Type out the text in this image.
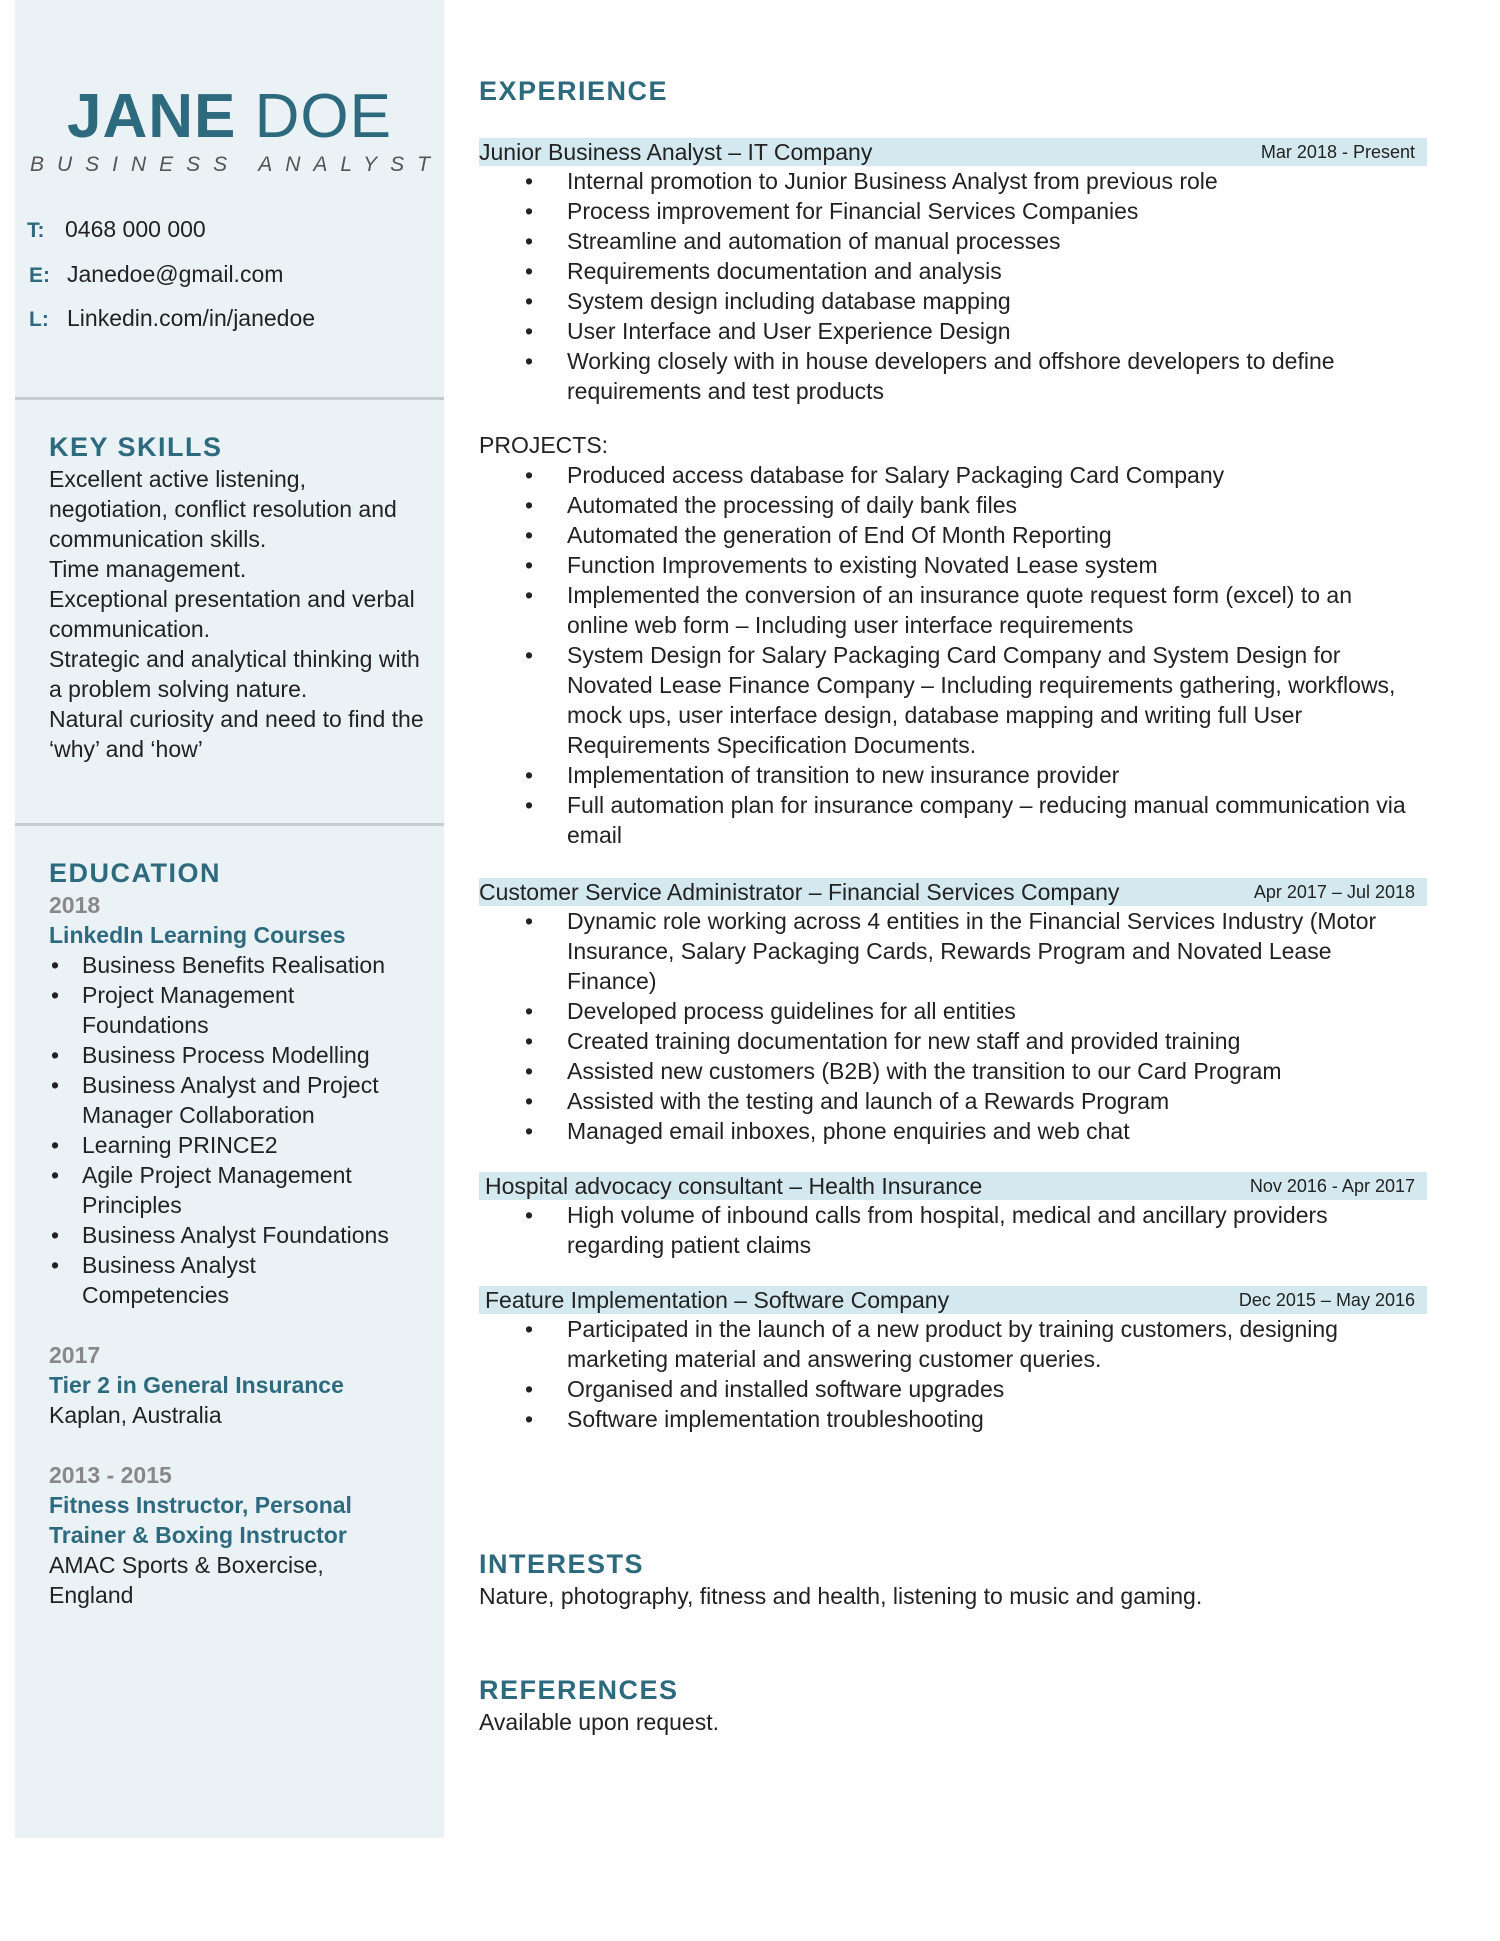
JANE DOE
BUSINESS ANALYST
T: 0468 000 000
E: Janedoe@gmail.com
L: Linkedin.com/in/janedoe
KEY SKILLS
Excellent active listening, negotiation, conflict resolution and communication skills.
Time management.
Exceptional presentation and verbal communication.
Strategic and analytical thinking with a problem solving nature.
Natural curiosity and need to find the ‘why’ and ‘how’
EDUCATION
2018
LinkedIn Learning Courses
• Business Benefits Realisation
• Project Management Foundations
• Business Process Modelling
• Business Analyst and Project Manager Collaboration
• Learning PRINCE2
• Agile Project Management Principles
• Business Analyst Foundations
• Business Analyst Competencies
2017
Tier 2 in General Insurance
Kaplan, Australia
2013 - 2015
Fitness Instructor, Personal Trainer & Boxing Instructor
AMAC Sports & Boxercise, England
EXPERIENCE
Junior Business Analyst – IT Company	Mar 2018 - Present
• Internal promotion to Junior Business Analyst from previous role
• Process improvement for Financial Services Companies
• Streamline and automation of manual processes
• Requirements documentation and analysis
• System design including database mapping
• User Interface and User Experience Design
• Working closely with in house developers and offshore developers to define requirements and test products
PROJECTS:
• Produced access database for Salary Packaging Card Company
• Automated the processing of daily bank files
• Automated the generation of End Of Month Reporting
• Function Improvements to existing Novated Lease system
• Implemented the conversion of an insurance quote request form (excel) to an online web form – Including user interface requirements
• System Design for Salary Packaging Card Company and System Design for Novated Lease Finance Company – Including requirements gathering, workflows, mock ups, user interface design, database mapping and writing full User Requirements Specification Documents.
• Implementation of transition to new insurance provider
• Full automation plan for insurance company – reducing manual communication via email
Customer Service Administrator – Financial Services Company	Apr 2017 – Jul 2018
• Dynamic role working across 4 entities in the Financial Services Industry (Motor Insurance, Salary Packaging Cards, Rewards Program and Novated Lease Finance)
• Developed process guidelines for all entities
• Created training documentation for new staff and provided training
• Assisted new customers (B2B) with the transition to our Card Program
• Assisted with the testing and launch of a Rewards Program
• Managed email inboxes, phone enquiries and web chat
Hospital advocacy consultant – Health Insurance	Nov 2016 - Apr 2017
• High volume of inbound calls from hospital, medical and ancillary providers regarding patient claims
Feature Implementation – Software Company	Dec 2015 – May 2016
• Participated in the launch of a new product by training customers, designing marketing material and answering customer queries.
• Organised and installed software upgrades
• Software implementation troubleshooting
INTERESTS
Nature, photography, fitness and health, listening to music and gaming.
REFERENCES
Available upon request.
